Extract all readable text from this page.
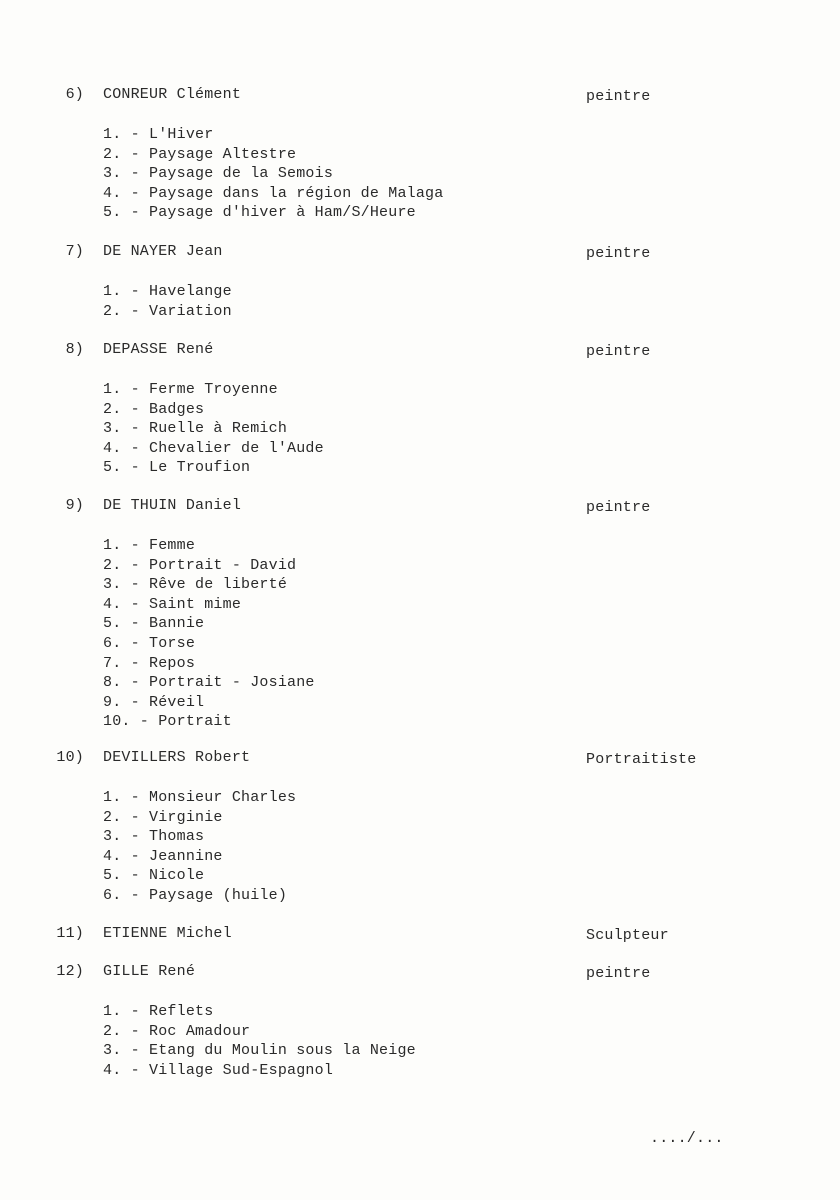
6) CONREUR Clément	peintre
1. - L'Hiver
2. - Paysage Altestre
3. - Paysage de la Semois
4. - Paysage dans la région de Malaga
5. - Paysage d'hiver à Ham/S/Heure
7) DE NAYER Jean	peintre
1. - Havelange
2. - Variation
8) DEPASSE René	peintre
1. - Ferme Troyenne
2. - Badges
3. - Ruelle à Remich
4. - Chevalier de l'Aude
5. - Le Troufion
9) DE THUIN Daniel	peintre
1. - Femme
2. - Portrait - David
3. - Rêve de liberté
4. - Saint mime
5. - Bannie
6. - Torse
7. - Repos
8. - Portrait - Josiane
9. - Réveil
10. - Portrait
10) DEVILLERS Robert	Portraitiste
1. - Monsieur Charles
2. - Virginie
3. - Thomas
4. - Jeannine
5. - Nicole
6. - Paysage (huile)
11) ETIENNE Michel	Sculpteur
12) GILLE René	peintre
1. - Reflets
2. - Roc Amadour
3. - Etang du Moulin sous la Neige
4. - Village Sud-Espagnol
..../...
